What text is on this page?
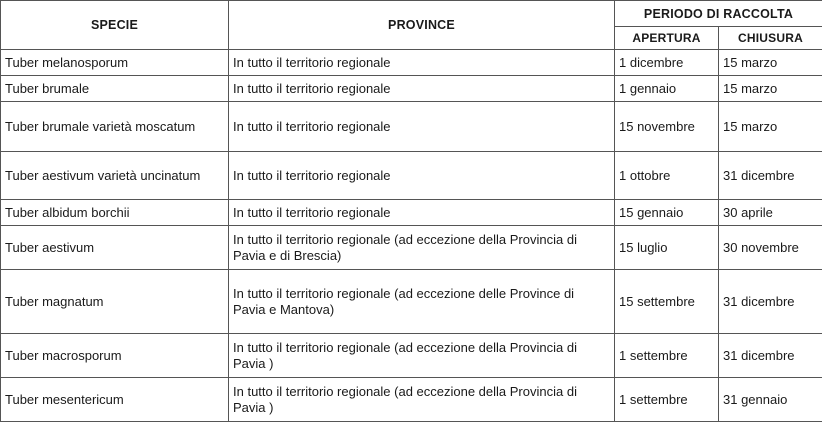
SPECIE	PROVINCE	PERIODO DI RACCOLTA	
		APERTURA	CHIUSURA
Tuber melanosporum	In tutto il territorio regionale	1 dicembre	15 marzo
Tuber brumale	In tutto il territorio regionale	1 gennaio	15 marzo
Tuber brumale varietà moscatum	In tutto il territorio regionale	15 novembre	15 marzo
Tuber aestivum varietà uncinatum	In tutto il territorio regionale	1 ottobre	31 dicembre
Tuber albidum borchii	In tutto il territorio regionale	15 gennaio	30 aprile
Tuber aestivum	In tutto il territorio regionale (ad eccezione della Provincia di Pavia e di Brescia)	15 luglio	30 novembre
Tuber magnatum	In tutto il territorio regionale (ad eccezione delle Province di Pavia e Mantova)	15 settembre	31 dicembre
Tuber macrosporum	In tutto il territorio regionale (ad eccezione della Provincia di Pavia )	1 settembre	31 dicembre
Tuber mesentericum	In tutto il territorio regionale (ad eccezione della Provincia di Pavia )	1 settembre	31 gennaio
